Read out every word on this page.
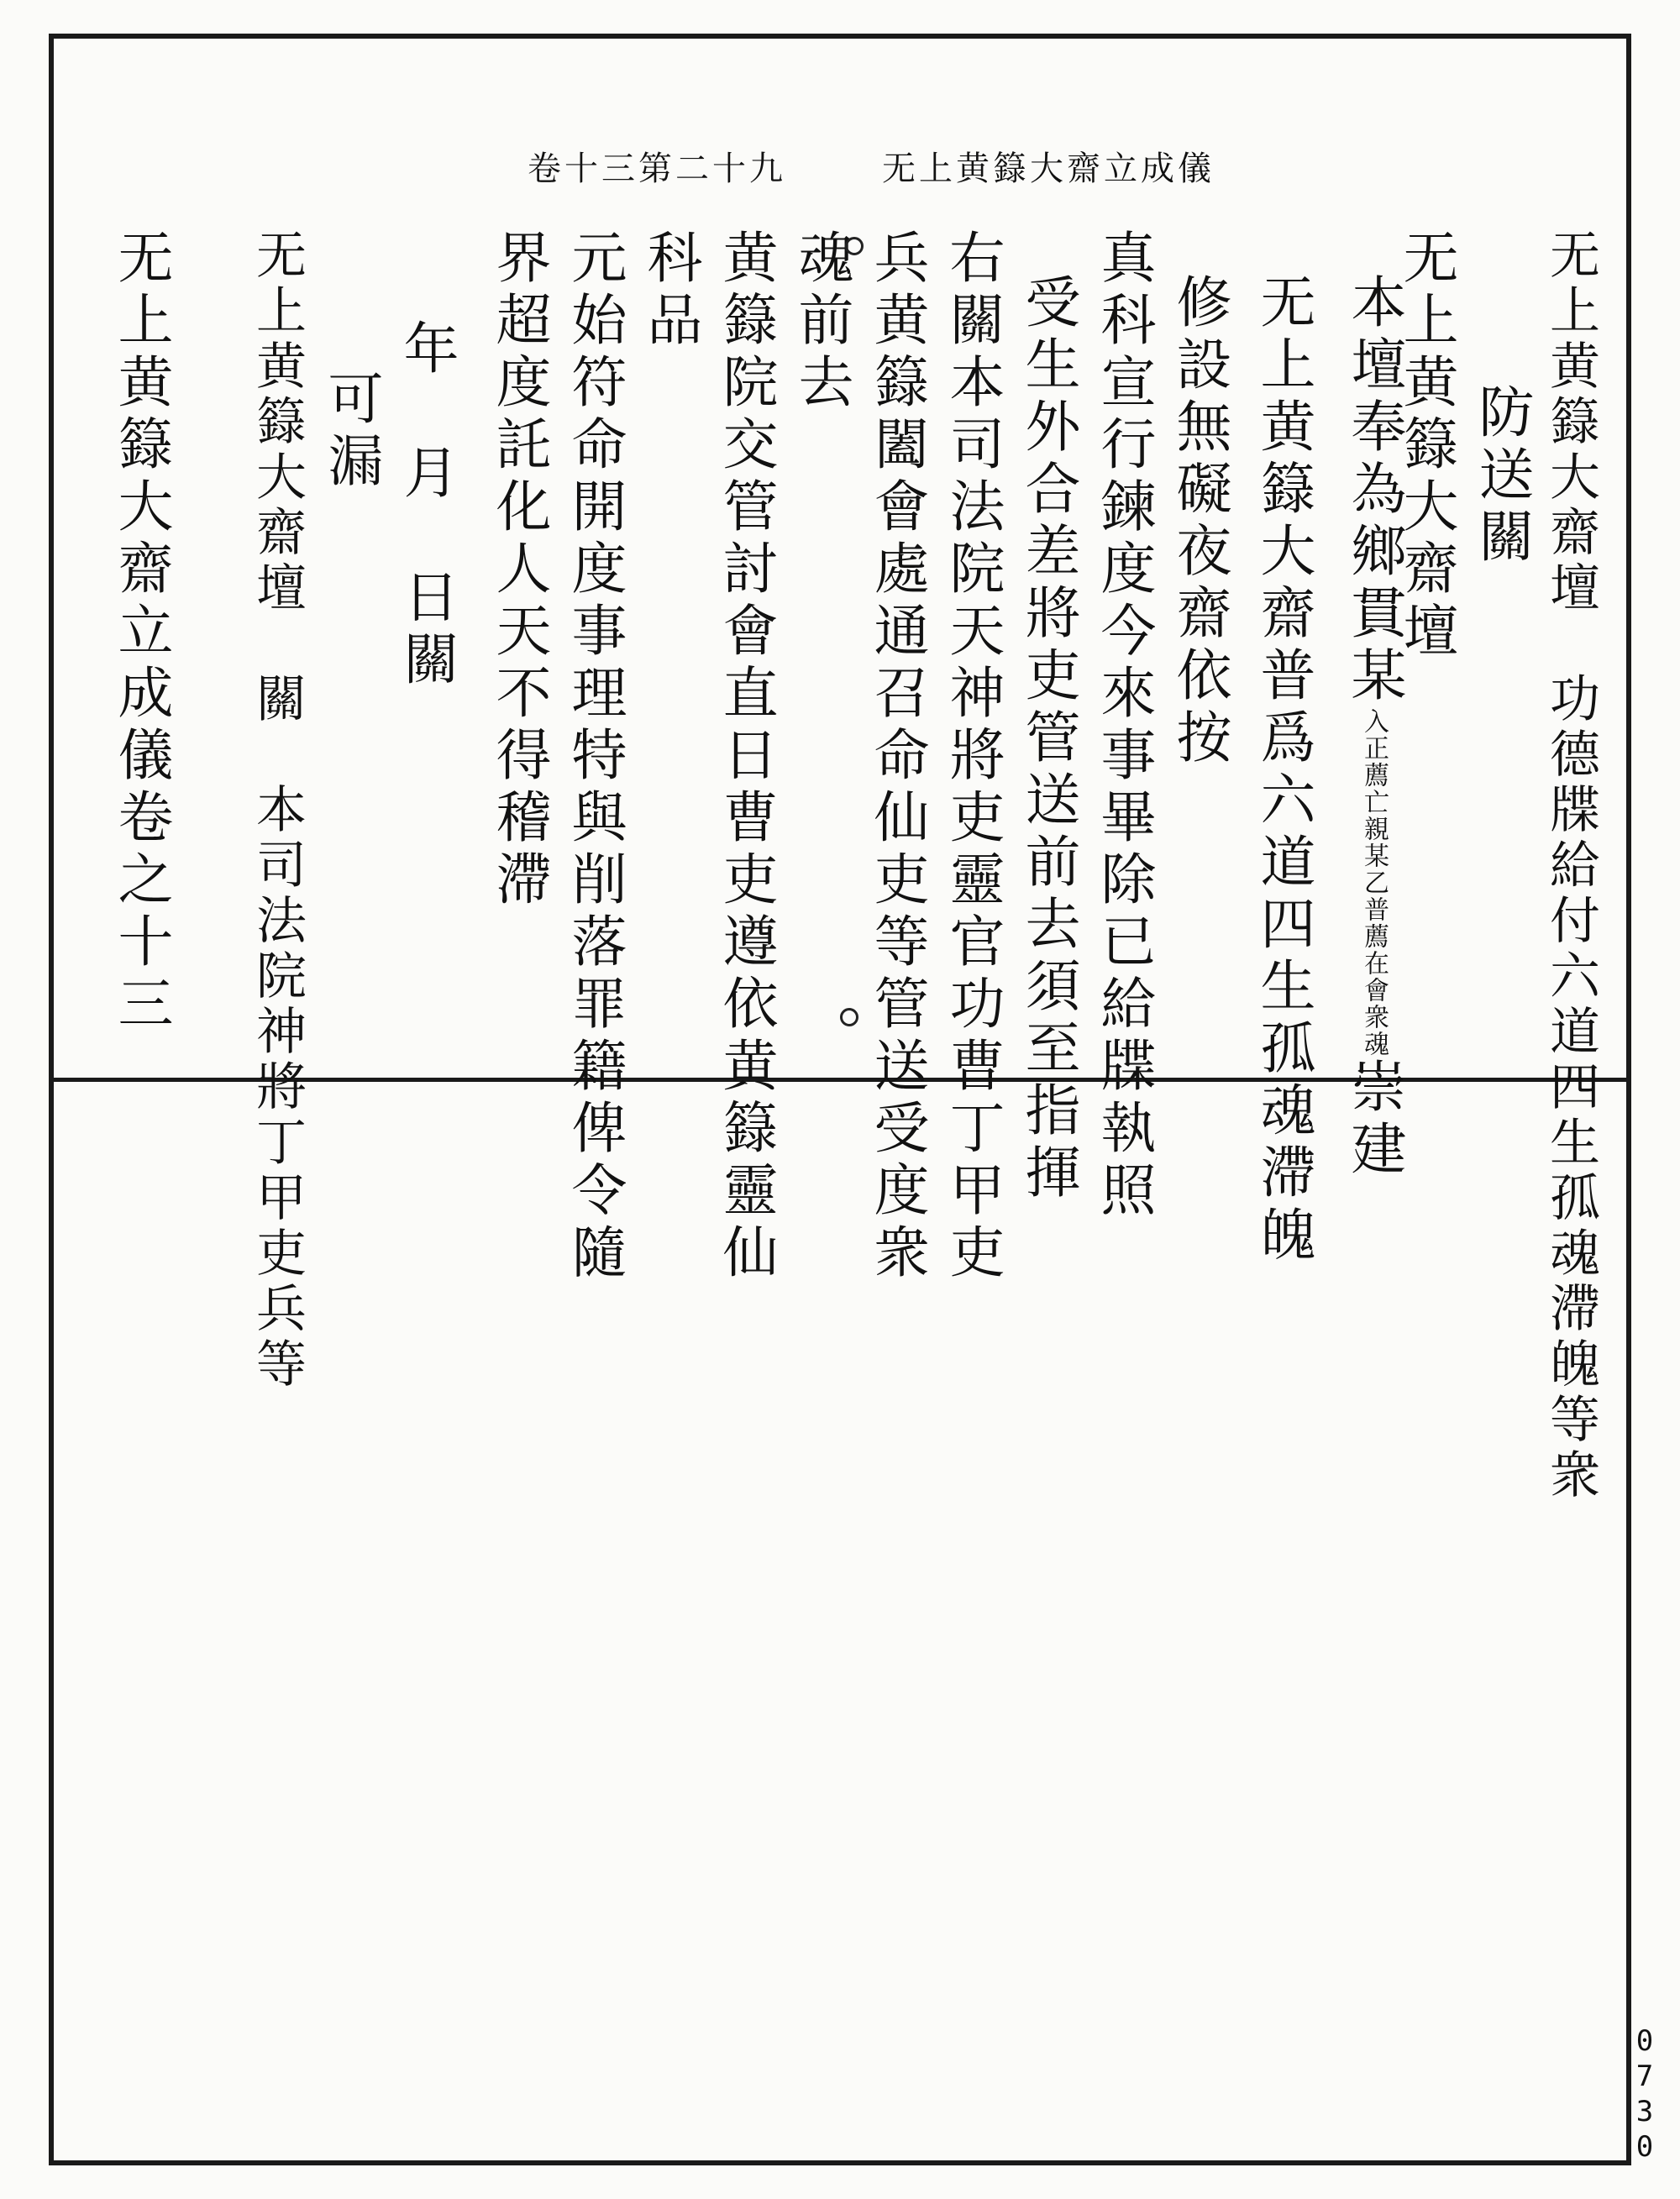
无上黄籙大齋立成儀
卷十三第二十九
无上黄籙大齋壇　功德牒給付六道四生孤魂滯魄等衆
防送關
无上黄籙大齋壇
本壇奉為鄉貫某入正薦亡親某乙普薦在會衆魂崇建
无上黄籙大齋普爲六道四生孤魂滯魄
修設無礙夜齋依按
真科宣行鍊度今來事畢除已給牒執照
受生外合差將吏管送前去須至指揮
右關本司法院天神將吏靈官功曹丁甲吏
兵黄籙闔會處通召命仙吏等管送受度衆
魂前去
黄籙院交管討會直日曹吏遵依黄籙靈仙
科品
元始符命開度事理特與削落罪籍俾令隨
界超度託化人天不得稽滯
年　月　日關
可漏
无上黄籙大齋壇　關　本司法院神將丁甲吏兵等
无上黄籙大齋立成儀卷之十三
0730
